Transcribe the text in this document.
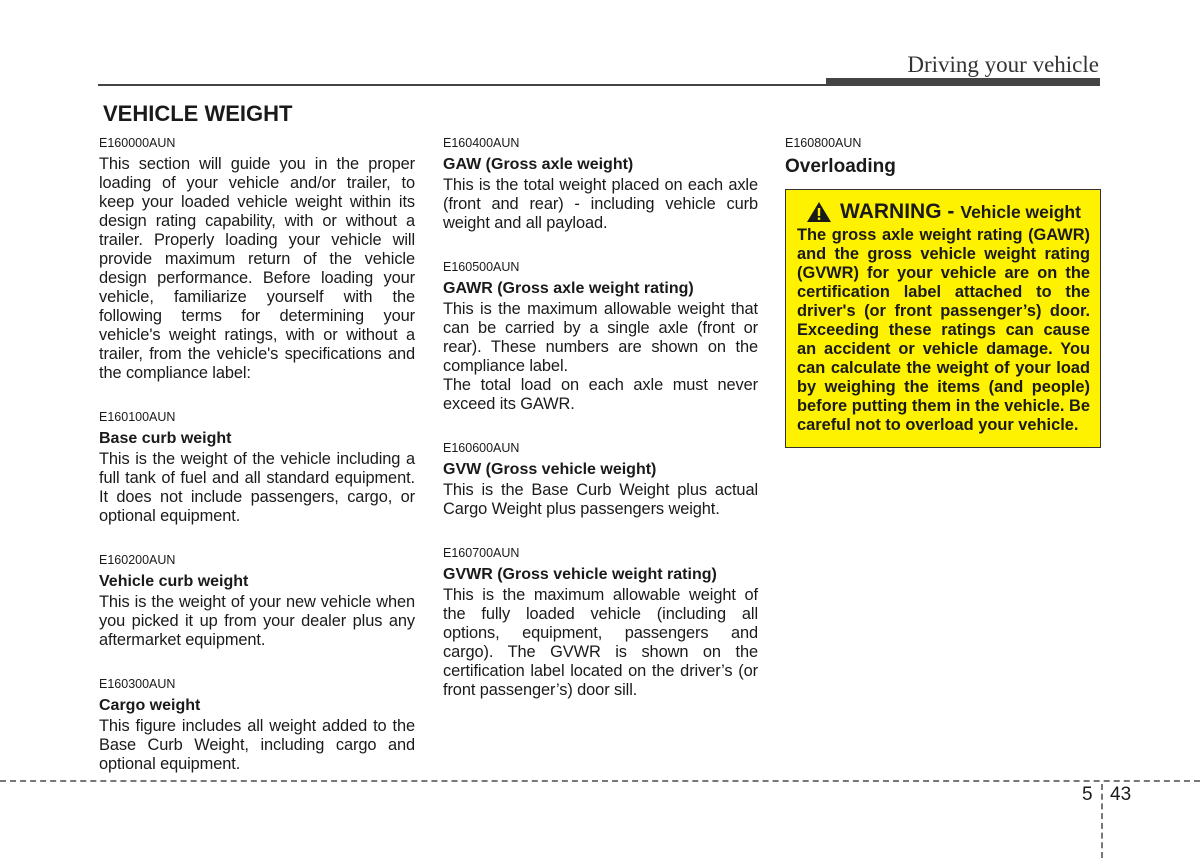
Driving your vehicle
VEHICLE WEIGHT

E160000AUN

This section will guide you in the proper loading of your vehicle and/or trailer, to keep your loaded vehicle weight within its design rating capability, with or without a trailer. Properly loading your vehicle will provide maximum return of the vehicle design performance. Before loading your vehicle, familiarize yourself with the following terms for determining your vehicle's weight ratings, with or without a trailer, from the vehicle's specifications and the compliance label:

E160100AUN

Base curb weight

This is the weight of the vehicle including a full tank of fuel and all standard equipment. It does not include passengers, cargo, or optional equipment.

E160200AUN

Vehicle curb weight

This is the weight of your new vehicle when you picked it up from your dealer plus any aftermarket equipment.

E160300AUN

Cargo weight

This figure includes all weight added to the Base Curb Weight, including cargo and optional equipment.

E160400AUN

GAW (Gross axle weight)

This is the total weight placed on each axle (front and rear) - including vehicle curb weight and all payload.

E160500AUN

GAWR (Gross axle weight rating)

This is the maximum allowable weight that can be carried by a single axle (front or rear). These numbers are shown on the compliance label.

The total load on each axle must never exceed its GAWR.

E160600AUN

GVW (Gross vehicle weight)

This is the Base Curb Weight plus actual Cargo Weight plus passengers weight.

E160700AUN

GVWR (Gross vehicle weight rating)

This is the maximum allowable weight of the fully loaded vehicle (including all options, equipment, passengers and cargo). The GVWR is shown on the certification label located on the driver’s (or front passenger’s) door sill.

E160800AUN

Overloading

WARNING - Vehicle weight

The gross axle weight rating (GAWR) and the gross vehicle weight rating (GVWR) for your vehicle are on the certification label attached to the driver's (or front passenger’s) door. Exceeding these ratings can cause an accident or vehicle damage. You can calculate the weight of your load by weighing the items (and people) before putting them in the vehicle. Be careful not to overload your vehicle.

5 43
